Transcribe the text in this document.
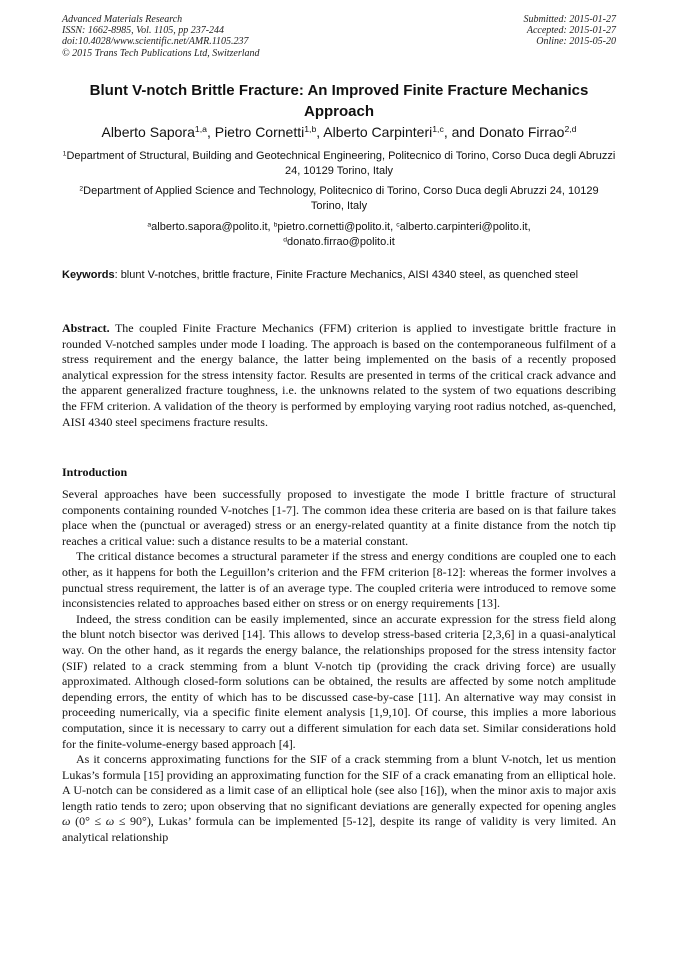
Advanced Materials Research
ISSN: 1662-8985, Vol. 1105, pp 237-244
doi:10.4028/www.scientific.net/AMR.1105.237
© 2015 Trans Tech Publications Ltd, Switzerland
Submitted: 2015-01-27
Accepted: 2015-01-27
Online: 2015-05-20
Blunt V-notch Brittle Fracture: An Improved Finite Fracture Mechanics Approach
Alberto Sapora$^{1,a}$, Pietro Cornetti$^{1,b}$, Alberto Carpinteri$^{1,c}$, and Donato Firrao$^{2,d}$
$^1$Department of Structural, Building and Geotechnical Engineering, Politecnico di Torino, Corso Duca degli Abruzzi 24, 10129 Torino, Italy
$^2$Department of Applied Science and Technology, Politecnico di Torino, Corso Duca degli Abruzzi 24, 10129 Torino, Italy
$^a$alberto.sapora@polito.it, $^b$pietro.cornetti@polito.it, $^c$alberto.carpinteri@polito.it,
$^d$donato.firrao@polito.it
Keywords: blunt V-notches, brittle fracture, Finite Fracture Mechanics, AISI 4340 steel, as quenched steel
Abstract. The coupled Finite Fracture Mechanics (FFM) criterion is applied to investigate brittle fracture in rounded V-notched samples under mode I loading. The approach is based on the contemporaneous fulfilment of a stress requirement and the energy balance, the latter being implemented on the basis of a recently proposed analytical expression for the stress intensity factor. Results are presented in terms of the critical crack advance and the apparent generalized fracture toughness, i.e. the unknowns related to the system of two equations describing the FFM criterion. A validation of the theory is performed by employing varying root radius notched, as-quenched, AISI 4340 steel specimens fracture results.
Introduction

Several approaches have been successfully proposed to investigate the mode I brittle fracture of structural components containing rounded V-notches [1-7]. The common idea these criteria are based on is that failure takes place when the (punctual or averaged) stress or an energy-related quantity at a finite distance from the notch tip reaches a critical value: such a distance results to be a material constant.

The critical distance becomes a structural parameter if the stress and energy conditions are coupled one to each other, as it happens for both the Leguillon’s criterion and the FFM criterion [8-12]: whereas the former involves a punctual stress requirement, the latter is of an average type. The coupled criteria were introduced to remove some inconsistencies related to approaches based either on stress or on energy requirements [13].

Indeed, the stress condition can be easily implemented, since an accurate expression for the stress field along the blunt notch bisector was derived [14]. This allows to develop stress-based criteria [2,3,6] in a quasi-analytical way. On the other hand, as it regards the energy balance, the relationships proposed for the stress intensity factor (SIF) related to a crack stemming from a blunt V-notch tip (providing the crack driving force) are usually approximated. Although closed-form solutions can be obtained, the results are affected by some notch amplitude depending errors, the entity of which has to be discussed case-by-case [11]. An alternative way may consist in proceeding numerically, via a specific finite element analysis [1,9,10]. Of course, this implies a more laborious computation, since it is necessary to carry out a different simulation for each data set. Similar considerations hold for the finite-volume-energy based approach [4].

As it concerns approximating functions for the SIF of a crack stemming from a blunt V-notch, let us mention Lukas’s formula [15] providing an approximating function for the SIF of a crack emanating from an elliptical hole. A U-notch can be considered as a limit case of an elliptical hole (see also [16]), when the minor axis to major axis length ratio tends to zero; upon observing that no significant deviations are generally expected for opening angles ω (0° ≤ ω ≤ 90°), Lukas’ formula can be implemented [5-12], despite its range of validity is very limited. An analytical relationship
